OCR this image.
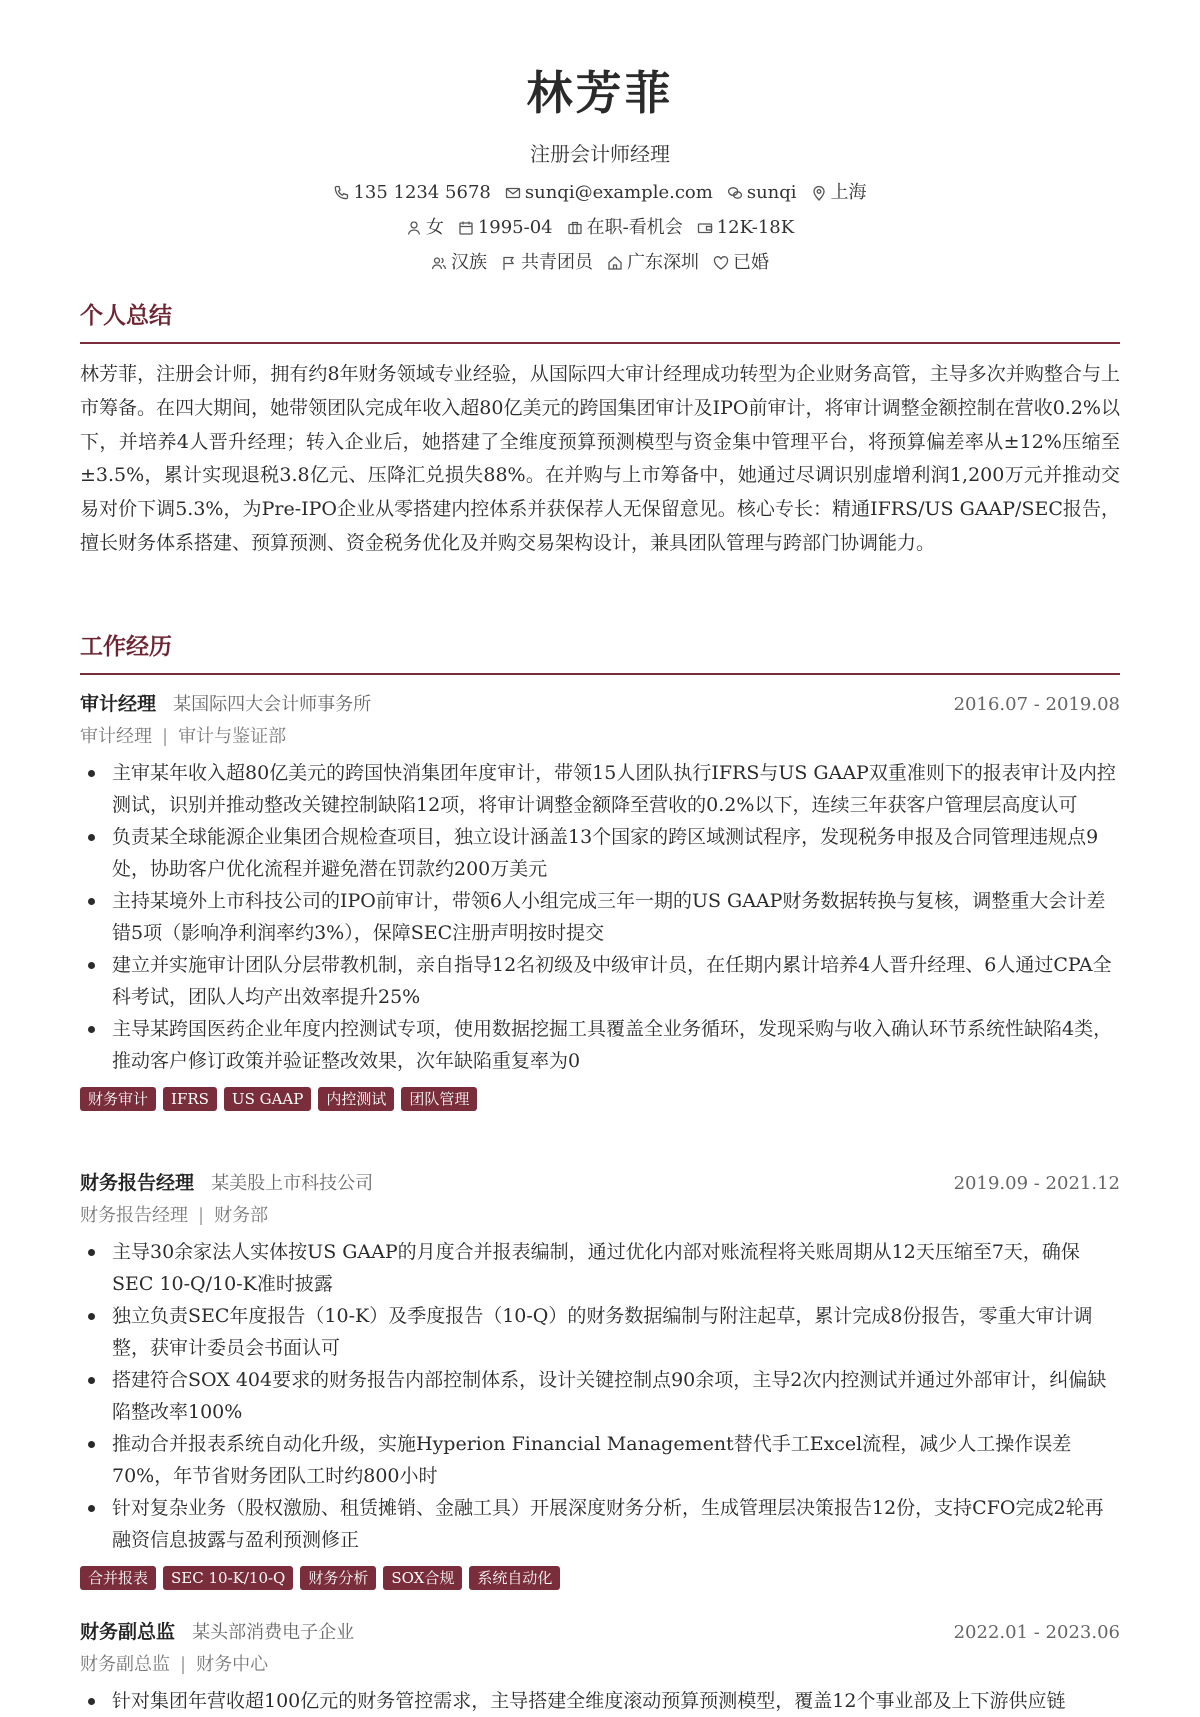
林芳菲
注册会计师经理
135 1234 5678 sunqi@example.com sunqi 上海
女 1995-04 在职-看机会 12K-18K
汉族 共青团员 广东深圳 已婚
个人总结
林芳菲，注册会计师，拥有约8年财务领域专业经验，从国际四大审计经理成功转型为企业财务高管，主导多次并购整合与上市筹备。在四大期间，她带领团队完成年收入超80亿美元的跨国集团审计及IPO前审计，将审计调整金额控制在营收0.2%以下，并培养4人晋升经理；转入企业后，她搭建了全维度预算预测模型与资金集中管理平台，将预算偏差率从±12%压缩至±3.5%，累计实现退税3.8亿元、压降汇兑损失88%。在并购与上市筹备中，她通过尽调识别虚增利润1,200万元并推动交易对价下调5.3%，为Pre-IPO企业从零搭建内控体系并获保荐人无保留意见。核心专长：精通IFRS/US GAAP/SEC报告，擅长财务体系搭建、预算预测、资金税务优化及并购交易架构设计，兼具团队管理与跨部门协调能力。
工作经历
审计经理 某国际四大会计师事务所	2016.07 - 2019.08
审计经理 | 审计与鉴证部
主审某年收入超80亿美元的跨国快消集团年度审计，带领15人团队执行IFRS与US GAAP双重准则下的报表审计及内控测试，识别并推动整改关键控制缺陷12项，将审计调整金额降至营收的0.2%以下，连续三年获客户管理层高度认可
负责某全球能源企业集团合规检查项目，独立设计涵盖13个国家的跨区域测试程序，发现税务申报及合同管理违规点9处，协助客户优化流程并避免潜在罚款约200万美元
主持某境外上市科技公司的IPO前审计，带领6人小组完成三年一期的US GAAP财务数据转换与复核，调整重大会计差错5项（影响净利润率约3%），保障SEC注册声明按时提交
建立并实施审计团队分层带教机制，亲自指导12名初级及中级审计员，在任期内累计培养4人晋升经理、6人通过CPA全科考试，团队人均产出效率提升25%
主导某跨国医药企业年度内控测试专项，使用数据挖掘工具覆盖全业务循环，发现采购与收入确认环节系统性缺陷4类，推动客户修订政策并验证整改效果，次年缺陷重复率为0
财务审计	IFRS	US GAAP	内控测试	团队管理
财务报告经理 某美股上市科技公司	2019.09 - 2021.12
财务报告经理 | 财务部
主导30余家法人实体按US GAAP的月度合并报表编制，通过优化内部对账流程将关账周期从12天压缩至7天，确保SEC 10-Q/10-K准时披露
独立负责SEC年度报告（10-K）及季度报告（10-Q）的财务数据编制与附注起草，累计完成8份报告，零重大审计调整，获审计委员会书面认可
搭建符合SOX 404要求的财务报告内部控制体系，设计关键控制点90余项，主导2次内控测试并通过外部审计，纠偏缺陷整改率100%
推动合并报表系统自动化升级，实施Hyperion Financial Management替代手工Excel流程，减少人工操作误差70%，年节省财务团队工时约800小时
针对复杂业务（股权激励、租赁摊销、金融工具）开展深度财务分析，生成管理层决策报告12份，支持CFO完成2轮再融资信息披露与盈利预测修正
合并报表	SEC 10-K/10-Q	财务分析	SOX合规	系统自动化
财务副总监 某头部消费电子企业	2022.01 - 2023.06
财务副总监 | 财务中心
针对集团年营收超100亿元的财务管控需求，主导搭建全维度滚动预算预测模型，覆盖12个事业部及上下游供应链
